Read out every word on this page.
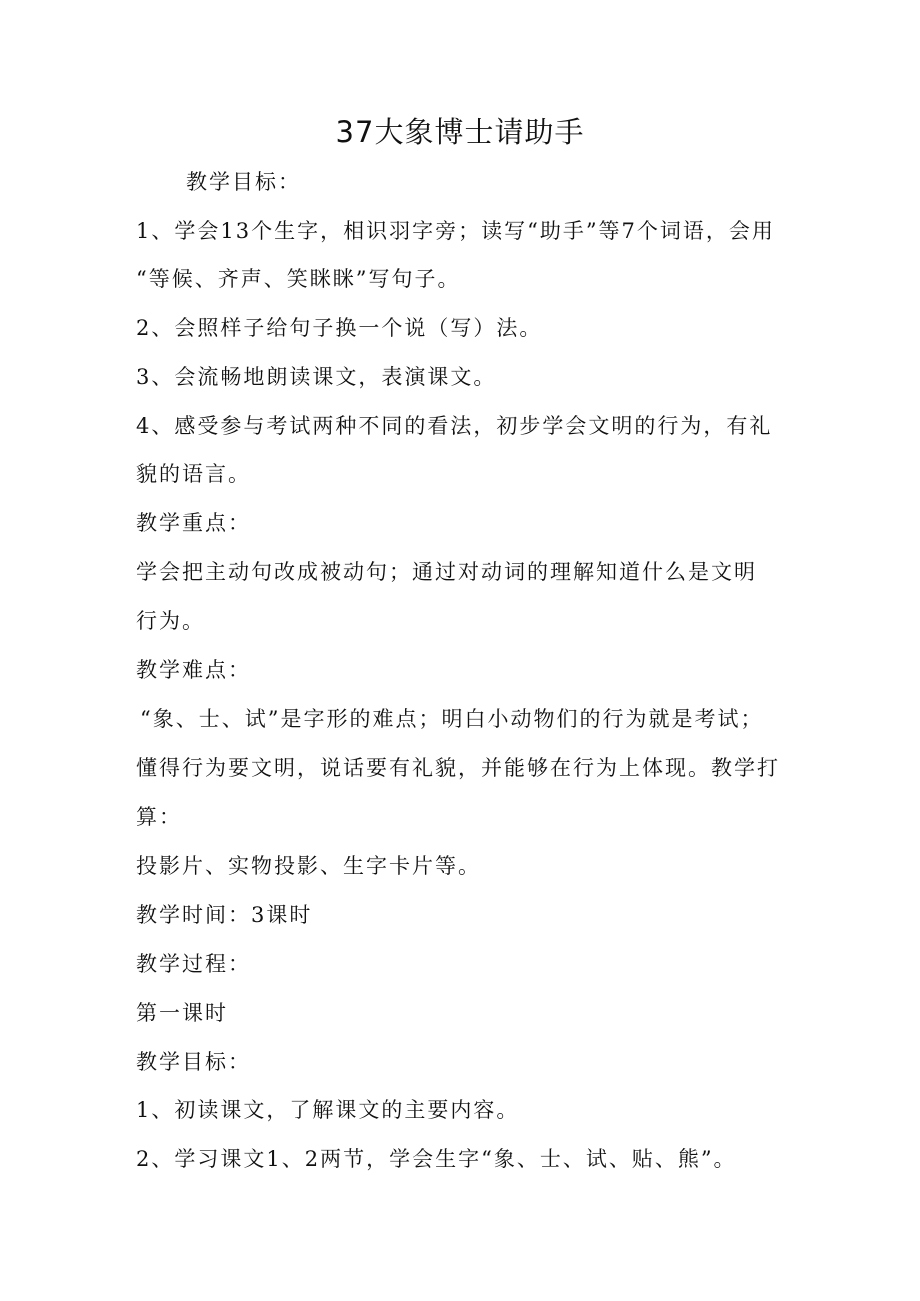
37大象博士请助手
教学目标：
1、学会13个生字，相识羽字旁；读写“助手”等7个词语，会用
“等候、齐声、笑眯眯”写句子。
2、会照样子给句子换一个说（写）法。
3、会流畅地朗读课文，表演课文。
4、感受参与考试两种不同的看法，初步学会文明的行为，有礼
貌的语言。
教学重点：
学会把主动句改成被动句；通过对动词的理解知道什么是文明
行为。
教学难点：
“象、士、试”是字形的难点；明白小动物们的行为就是考试；
懂得行为要文明，说话要有礼貌，并能够在行为上体现。教学打
算：
投影片、实物投影、生字卡片等。
教学时间：3课时
教学过程：
第一课时
教学目标：
1、初读课文，了解课文的主要内容。
2、学习课文1、2两节，学会生字“象、士、试、贴、熊”。
